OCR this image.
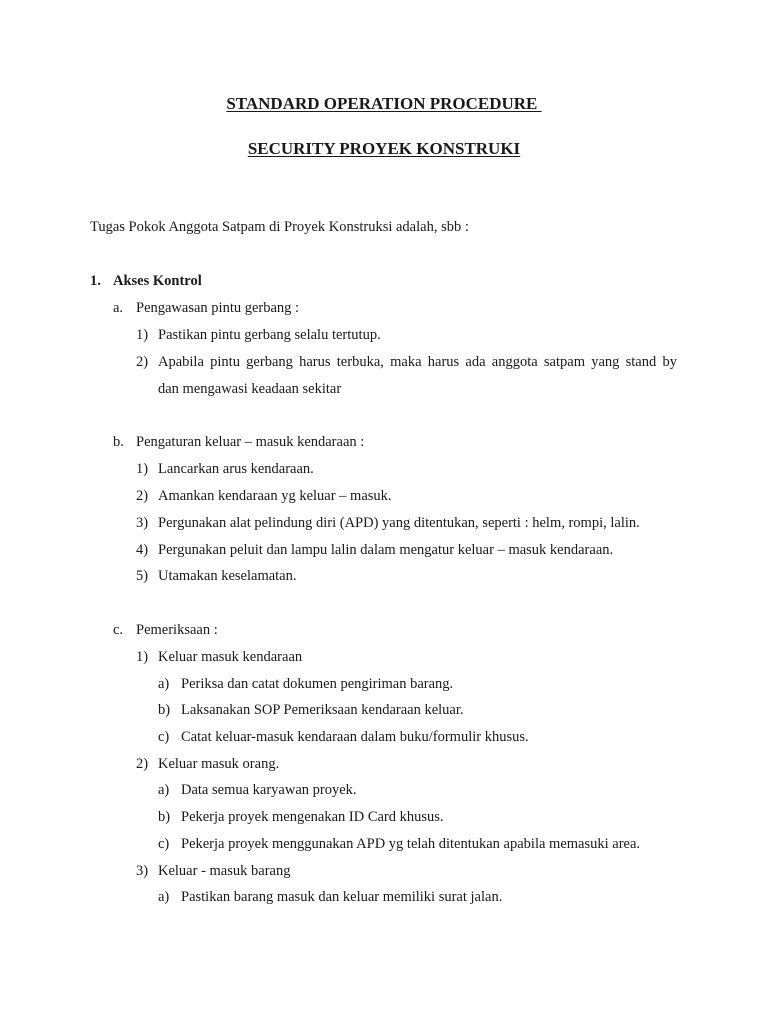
STANDARD OPERATION PROCEDURE
SECURITY PROYEK KONSTRUKI
Tugas Pokok Anggota Satpam di Proyek Konstruksi adalah, sbb :
1. Akses Kontrol
a. Pengawasan pintu gerbang :
1) Pastikan pintu gerbang selalu tertutup.
2) Apabila pintu gerbang harus terbuka, maka harus ada anggota satpam yang stand by
dan mengawasi keadaan sekitar
b. Pengaturan keluar – masuk kendaraan :
1) Lancarkan arus kendaraan.
2) Amankan kendaraan yg keluar – masuk.
3) Pergunakan alat pelindung diri (APD) yang ditentukan, seperti : helm, rompi, lalin.
4) Pergunakan peluit dan lampu lalin dalam mengatur keluar – masuk kendaraan.
5) Utamakan keselamatan.
c. Pemeriksaan :
1) Keluar masuk kendaraan
a) Periksa dan catat dokumen pengiriman barang.
b) Laksanakan SOP Pemeriksaan kendaraan keluar.
c) Catat keluar-masuk kendaraan dalam buku/formulir khusus.
2) Keluar masuk orang.
a) Data semua karyawan proyek.
b) Pekerja proyek mengenakan ID Card khusus.
c) Pekerja proyek menggunakan APD yg telah ditentukan apabila memasuki area.
3) Keluar - masuk barang
a) Pastikan barang masuk dan keluar memiliki surat jalan.
